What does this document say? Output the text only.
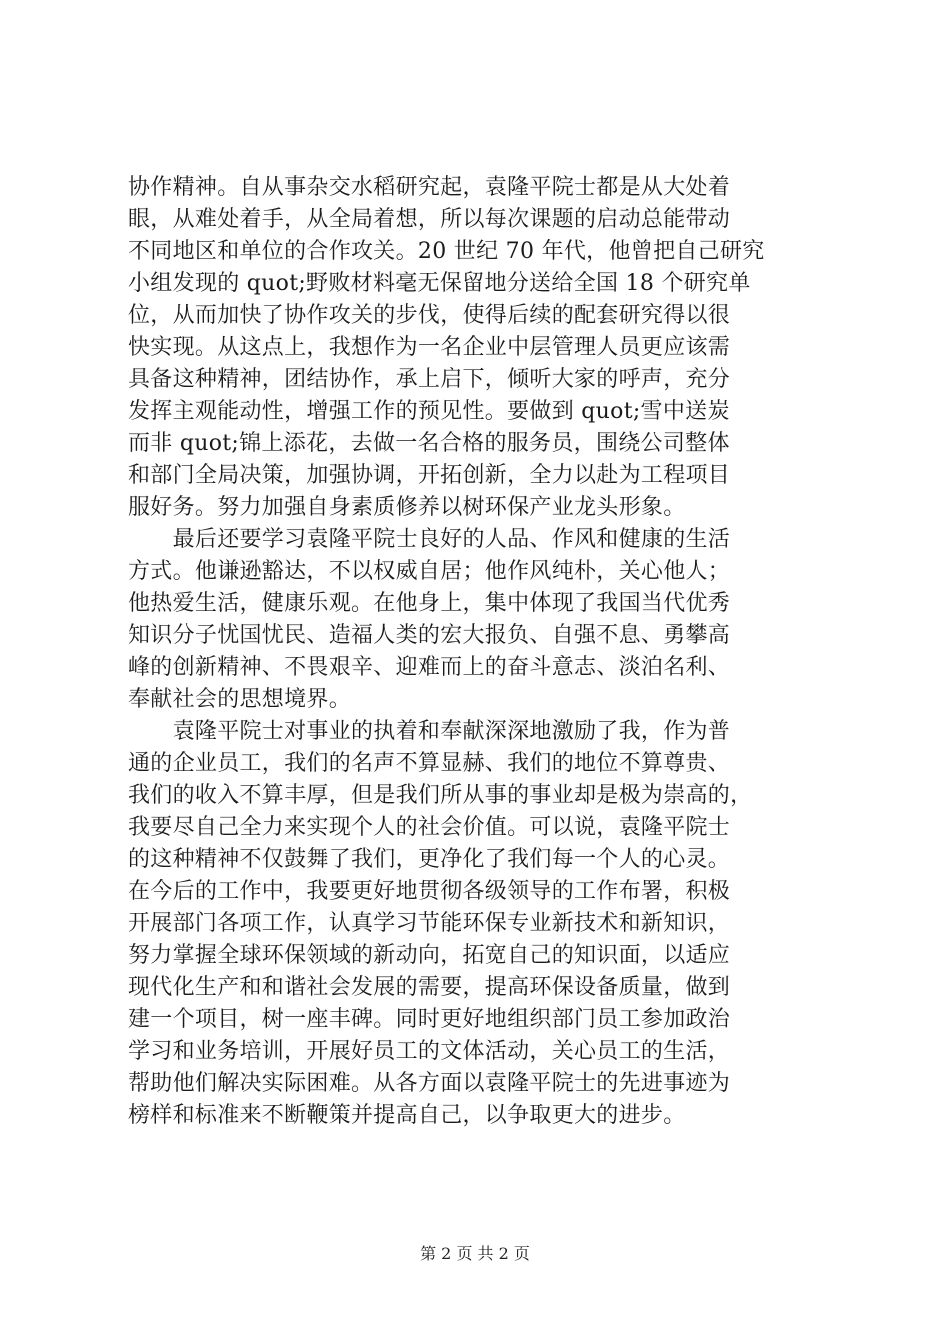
协作精神。自从事杂交水稻研究起，袁隆平院士都是从大处着
眼，从难处着手，从全局着想，所以每次课题的启动总能带动
不同地区和单位的合作攻关。20 世纪 70 年代，他曾把自己研究
小组发现的 quot;野败材料毫无保留地分送给全国 18 个研究单
位，从而加快了协作攻关的步伐，使得后续的配套研究得以很
快实现。从这点上，我想作为一名企业中层管理人员更应该需
具备这种精神，团结协作，承上启下，倾听大家的呼声，充分
发挥主观能动性，增强工作的预见性。要做到 quot;雪中送炭
而非 quot;锦上添花，去做一名合格的服务员，围绕公司整体
和部门全局决策，加强协调，开拓创新，全力以赴为工程项目
服好务。努力加强自身素质修养以树环保产业龙头形象。
　　最后还要学习袁隆平院士良好的人品、作风和健康的生活
方式。他谦逊豁达，不以权威自居；他作风纯朴，关心他人；
他热爱生活，健康乐观。在他身上，集中体现了我国当代优秀
知识分子忧国忧民、造福人类的宏大报负、自强不息、勇攀高
峰的创新精神、不畏艰辛、迎难而上的奋斗意志、淡泊名利、
奉献社会的思想境界。
　　袁隆平院士对事业的执着和奉献深深地激励了我，作为普
通的企业员工，我们的名声不算显赫、我们的地位不算尊贵、
我们的收入不算丰厚，但是我们所从事的事业却是极为崇高的，
我要尽自己全力来实现个人的社会价值。可以说，袁隆平院士
的这种精神不仅鼓舞了我们，更净化了我们每一个人的心灵。
在今后的工作中，我要更好地贯彻各级领导的工作布署，积极
开展部门各项工作，认真学习节能环保专业新技术和新知识，
努力掌握全球环保领域的新动向，拓宽自己的知识面，以适应
现代化生产和和谐社会发展的需要，提高环保设备质量，做到
建一个项目，树一座丰碑。同时更好地组织部门员工参加政治
学习和业务培训，开展好员工的文体活动，关心员工的生活，
帮助他们解决实际困难。从各方面以袁隆平院士的先进事迹为
榜样和标准来不断鞭策并提高自己，以争取更大的进步。
第 2 页 共 2 页
